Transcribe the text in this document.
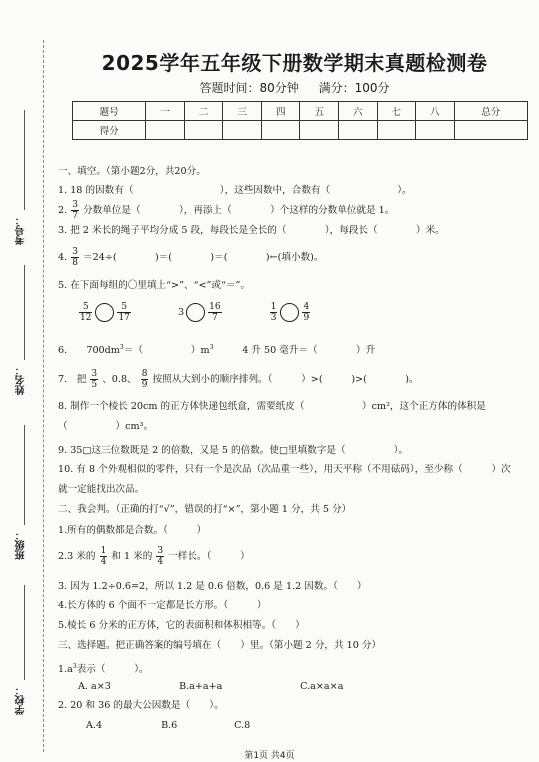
考号：
姓名：
班级：
学校：
2025学年五年级下册数学期末真题检测卷
答题时间：80分钟 满分：100分
题号	一	二	三	四	五	六	七	八	总分
得分									
一、填空。（第小题2分，共20分。
1. 18 的因数有（　　　　　　　　　），这些因数中，合数有（　　　　　　　）。
2. $\frac{3}{7}$ 分数单位是（　　　　），再添上（　　　　）个这样的分数单位就是 1。
3. 把 2 米长的绳子平均分成 5 段，每段长是全长的（　　　　），每段长（　　　　）米。
4. $\frac{3}{8} =24\div$(　　　　)＝(　　　　)＝(　　　　)←(填小数)。
5. 在下面每组的〇里填上“>”、“<”或“＝”。
$\frac{5}{12}$	$\frac{5}{17}$	3	$\frac{16}{7}$
	$\frac{1}{3}$	$\frac{4}{9}$
6.　　$700dm^3=$（　　　　　）$m^3$　　　4 升 50 毫升＝（　　　　）升
7.　把 $\frac{3}{5}$ 、0.8、 $\frac{8}{9}$ 按照从大到小的顺序排列。（　　　）>(　　　)>(　　　　)。
8. 制作一个棱长 20cm 的正方体快递包纸盒，需要纸皮（　　　　　　）cm²，这个正方体的体积是
（　　　　　）cm³。
9. 35□这三位数既是 2 的倍数，又是 5 的倍数。使□里填数字是（　　　　　）。
10. 有 8 个外观相似的零件，只有一个是次品（次品重一些），用天平称（不用砝码），至少称（　　　）次
就一定能找出次品。
二、我会判。（正确的打“√”，错误的打“×”，第小题 1 分，共 5 分）
1.所有的偶数都是合数。（　　　）
2.3 米的 $\frac{1}{4}$ 和 1 米的 $\frac{3}{4}$ 一样长。（　　　）
3. 因为 1.2÷0.6=2，所以 1.2 是 0.6 倍数，0.6 是 1.2 因数。（　　）
4.长方体的 6 个面不一定都是长方形。（　　　）
5.棱长 6 分米的正方体，它的表面积和体积相等。（　　）
三、选择题。把正确答案的编号填在（　　）里。（第小题 2 分，共 10 分）
$1.a^3$表示（　　　）。
A. a×3	B.a+a+a	C.a×a×a
2. 20 和 36 的最大公因数是（　　）。
A.4	B.6	C.8
第1页 共4页
